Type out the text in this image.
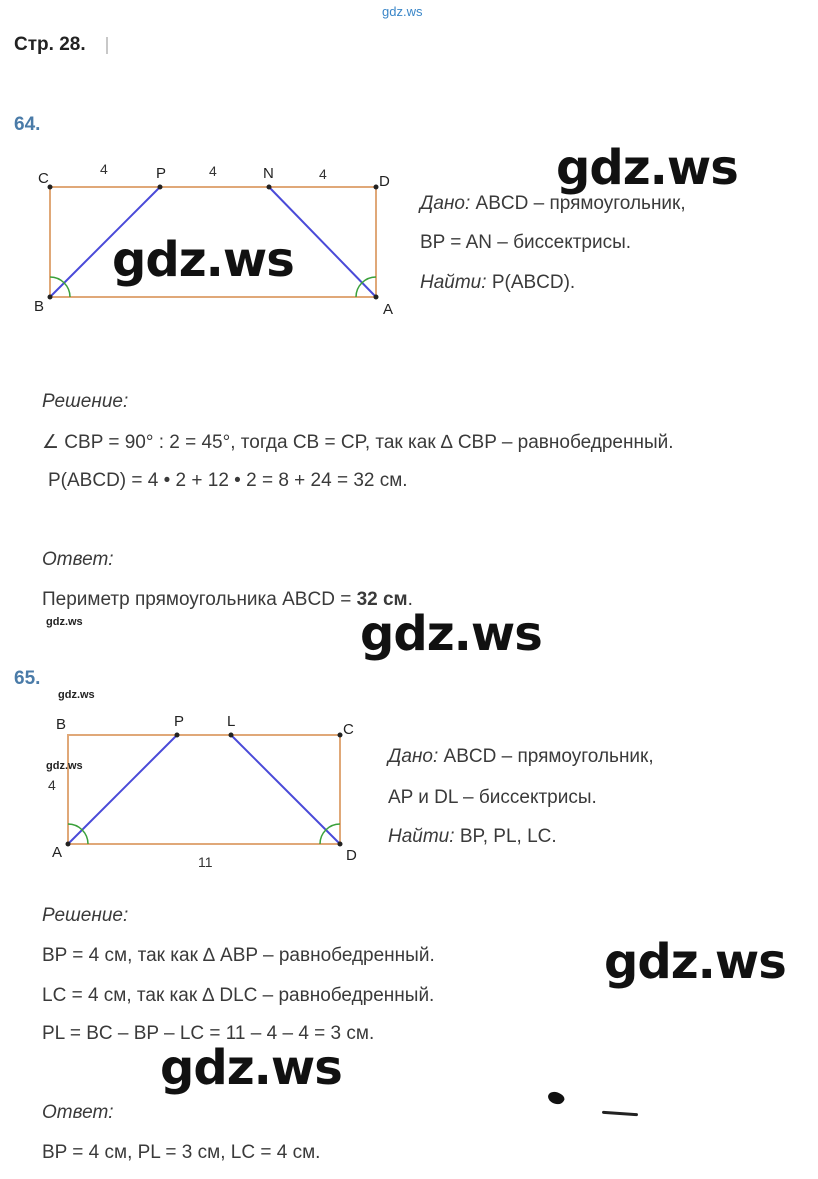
gdz.ws
Стр. 28.
64.
C	P	N	D
B	A
4	4	4
gdz.ws
gdz.ws
Дано: ABCD – прямоугольник,
BP = AN – биссектрисы.
Найти: P(ABCD).
Решение:
∠ CBP = 90° : 2 = 45°, тогда CB = CP, так как ∆ CBP – равнобедренный.
P(ABCD) = 4 • 2 + 12 • 2 = 8 + 24 = 32 см.
Ответ:
Периметр прямоугольника ABCD = 32 см.
gdz.ws	gdz.ws
65.
gdz.ws
B	P	L	C
A	D
4
11
gdz.ws	Дано: ABCD – прямоугольник,
AP и DL – биссектрисы.
Найти: BP, PL, LC.
Решение:
BP = 4 см, так как ∆ ABP – равнобедренный.
LC = 4 см, так как ∆ DLC – равнобедренный.
PL = BC – BP – LC = 11 – 4 – 4 = 3 см.
gdz.ws
gdz.ws
Ответ:
BP = 4 см, PL = 3 см, LC = 4 см.
